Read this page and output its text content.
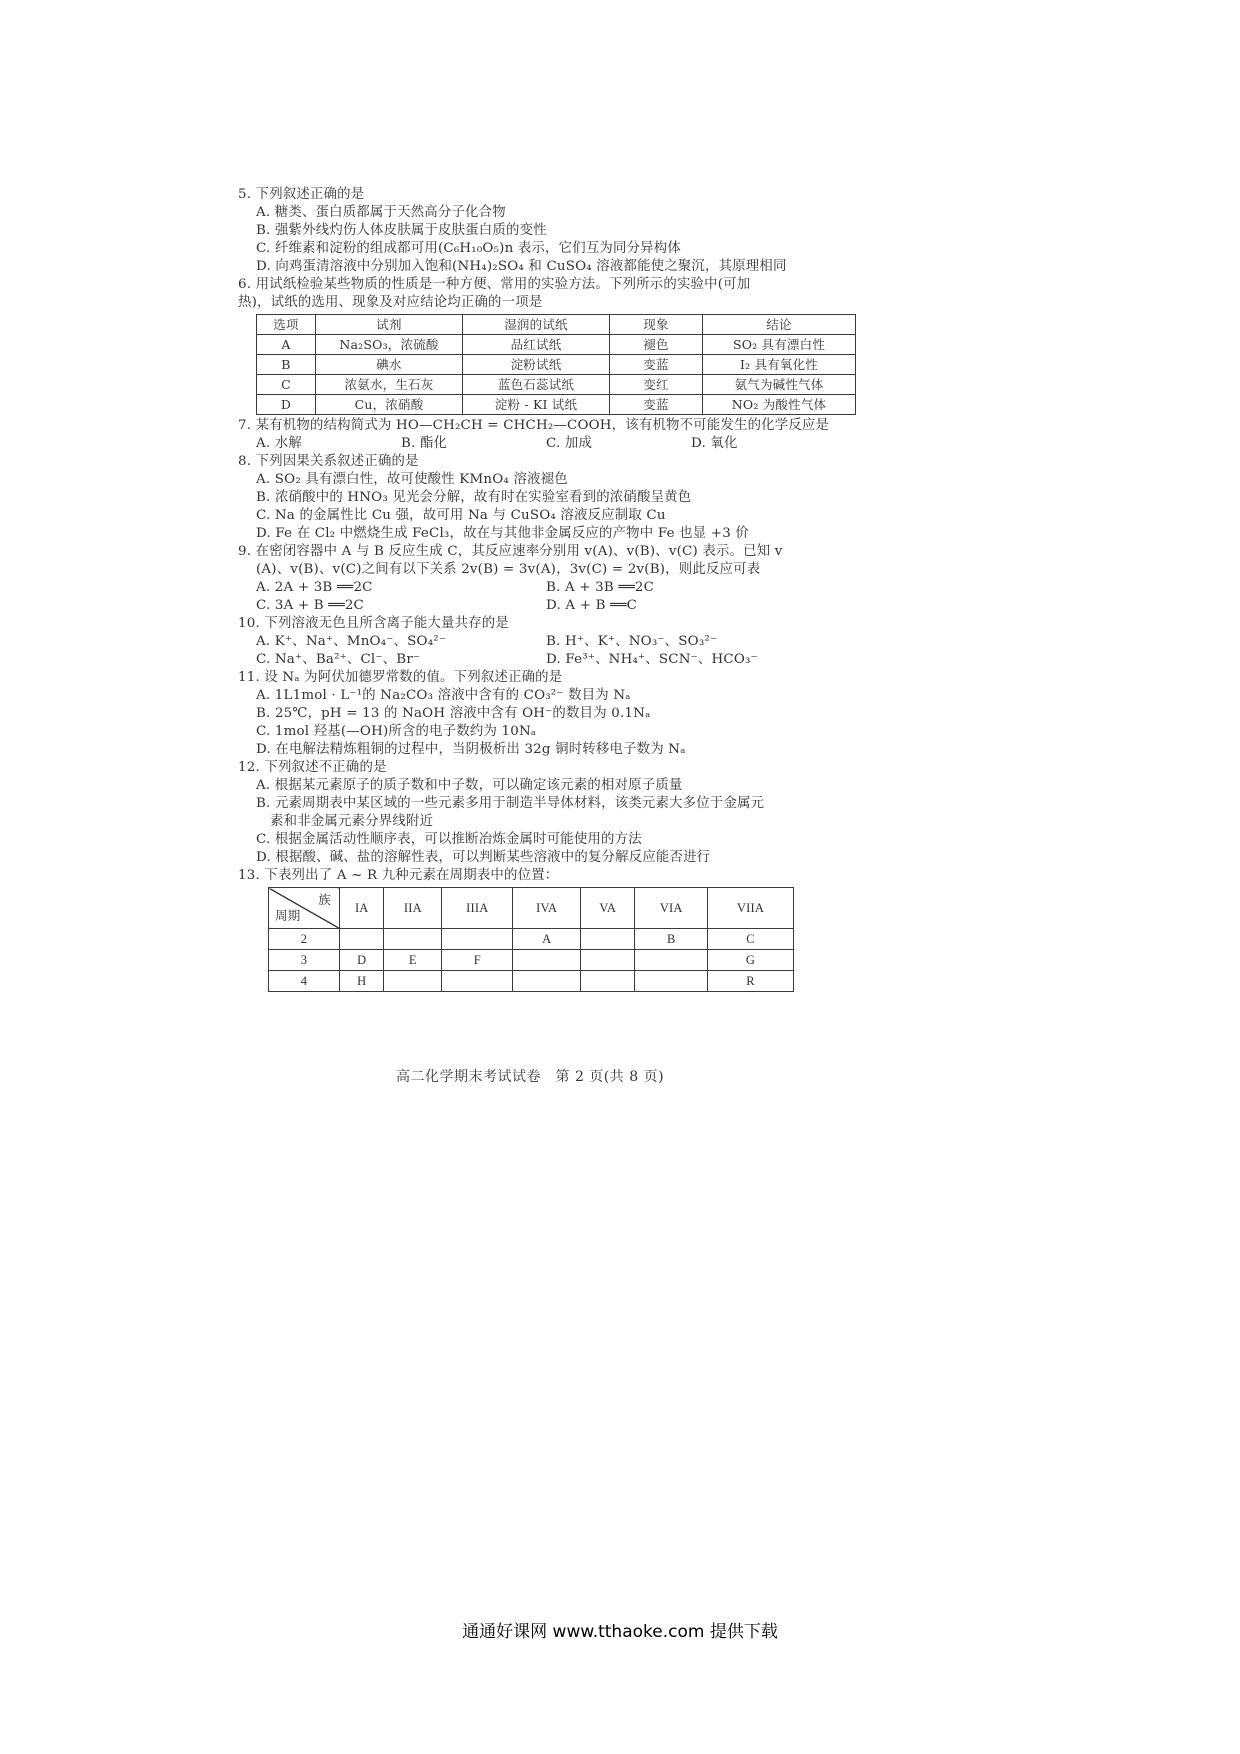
5. 下列叙述正确的是
A. 糖类、蛋白质都属于天然高分子化合物
B. 强紫外线灼伤人体皮肤属于皮肤蛋白质的变性
C. 纤维素和淀粉的组成都可用(C₆H₁₀O₅)n 表示，它们互为同分异构体
D. 向鸡蛋清溶液中分别加入饱和(NH₄)₂SO₄ 和 CuSO₄ 溶液都能使之聚沉，其原理相同
6. 用试纸检验某些物质的性质是一种方便、常用的实验方法。下列所示的实验中(可加
热)，试纸的选用、现象及对应结论均正确的一项是
选项	试剂	湿润的试纸	现象	结论
A	Na₂SO₃，浓硫酸	品红试纸	褪色	SO₂ 具有漂白性
B	碘水	淀粉试纸	变蓝	I₂ 具有氧化性
C	浓氨水，生石灰	蓝色石蕊试纸	变红	氨气为碱性气体
D	Cu，浓硝酸	淀粉 - KI 试纸	变蓝	NO₂ 为酸性气体
7. 某有机物的结构简式为 HO—CH₂CH = CHCH₂—COOH，该有机物不可能发生的化学反应是
A. 水解	B. 酯化	C. 加成	D. 氧化
8. 下列因果关系叙述正确的是
A. SO₂ 具有漂白性，故可使酸性 KMnO₄ 溶液褪色
B. 浓硝酸中的 HNO₃ 见光会分解，故有时在实验室看到的浓硝酸呈黄色
C. Na 的金属性比 Cu 强，故可用 Na 与 CuSO₄ 溶液反应制取 Cu
D. Fe 在 Cl₂ 中燃烧生成 FeCl₃，故在与其他非金属反应的产物中 Fe 也显 +3 价
9. 在密闭容器中 A 与 B 反应生成 C，其反应速率分别用 v(A)、v(B)、v(C) 表示。已知 v
(A)、v(B)、v(C)之间有以下关系 2v(B) = 3v(A)，3v(C) = 2v(B)，则此反应可表
A. 2A + 3B ══2C	B. A + 3B ══2C
C. 3A + B ══2C	D. A + B ══C
10. 下列溶液无色且所含离子能大量共存的是
A. K⁺、Na⁺、MnO₄⁻、SO₄²⁻	B. H⁺、K⁺、NO₃⁻、SO₃²⁻
C. Na⁺、Ba²⁺、Cl⁻、Br⁻	D. Fe³⁺、NH₄⁺、SCN⁻、HCO₃⁻
11. 设 Nₐ 为阿伏加德罗常数的值。下列叙述正确的是
A. 1L1mol · L⁻¹的 Na₂CO₃ 溶液中含有的 CO₃²⁻ 数目为 Nₐ
B. 25℃，pH = 13 的 NaOH 溶液中含有 OH⁻的数目为 0.1Nₐ
C. 1mol 羟基(—OH)所含的电子数约为 10Nₐ
D. 在电解法精炼粗铜的过程中，当阴极析出 32g 铜时转移电子数为 Nₐ
12. 下列叙述不正确的是
A. 根据某元素原子的质子数和中子数，可以确定该元素的相对原子质量
B. 元素周期表中某区域的一些元素多用于制造半导体材料，该类元素大多位于金属元
素和非金属元素分界线附近
C. 根据金属活动性顺序表，可以推断冶炼金属时可能使用的方法
D. 根据酸、碱、盐的溶解性表，可以判断某些溶液中的复分解反应能否进行
13. 下表列出了 A ~ R 九种元素在周期表中的位置：
族
周期	IA	IIA	IIIA	IVA	VA	VIA	VIIA
2				A		B	C
3	D	E	F				G
4	H						R
高二化学期末考试试卷　第 2 页(共 8 页)
通通好课网 www.tthaoke.com 提供下载
